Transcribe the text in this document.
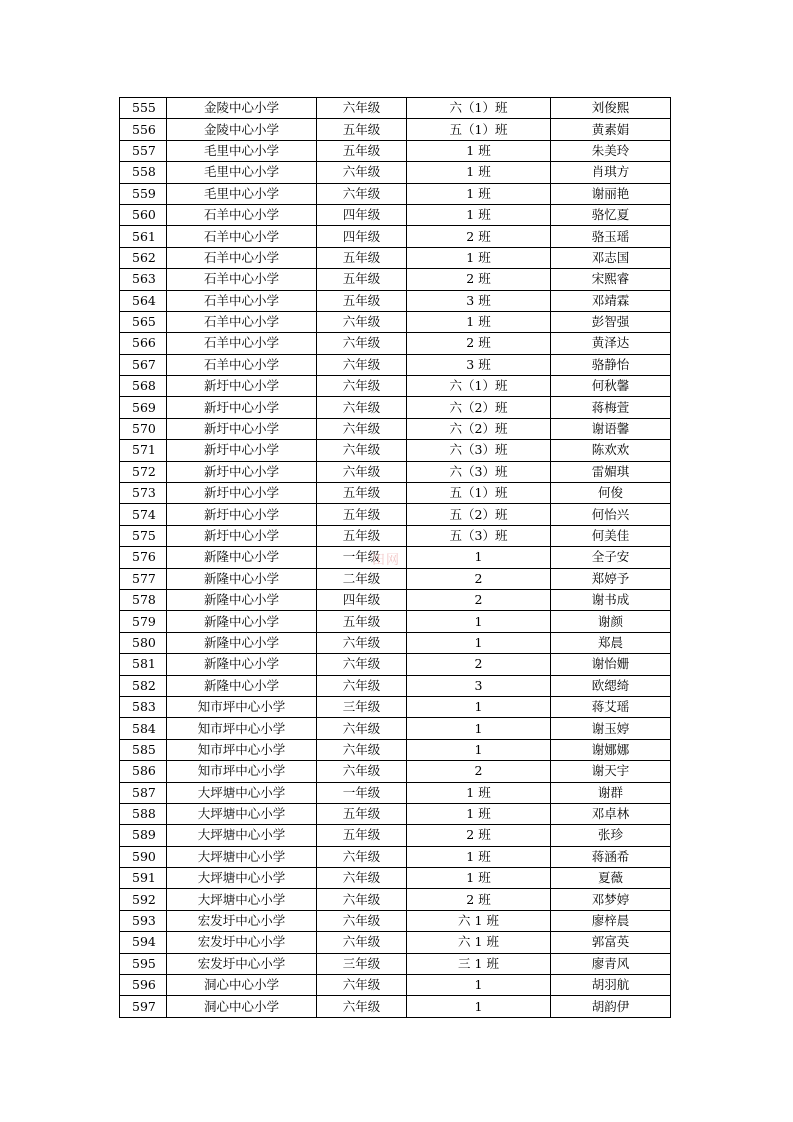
555	金陵中心小学	六年级	六（1）班	刘俊熙
556	金陵中心小学	五年级	五（1）班	黄素娟
557	毛里中心小学	五年级	1 班	朱美玲
558	毛里中心小学	六年级	1 班	肖琪方
559	毛里中心小学	六年级	1 班	谢丽艳
560	石羊中心小学	四年级	1 班	骆忆夏
561	石羊中心小学	四年级	2 班	骆玉瑶
562	石羊中心小学	五年级	1 班	邓志国
563	石羊中心小学	五年级	2 班	宋熙睿
564	石羊中心小学	五年级	3 班	邓靖霖
565	石羊中心小学	六年级	1 班	彭智强
566	石羊中心小学	六年级	2 班	黄泽达
567	石羊中心小学	六年级	3 班	骆静怡
568	新圩中心小学	六年级	六（1）班	何秋馨
569	新圩中心小学	六年级	六（2）班	蒋梅萱
570	新圩中心小学	六年级	六（2）班	谢语馨
571	新圩中心小学	六年级	六（3）班	陈欢欢
572	新圩中心小学	六年级	六（3）班	雷媚琪
573	新圩中心小学	五年级	五（1）班	何俊
574	新圩中心小学	五年级	五（2）班	何怡兴
575	新圩中心小学	五年级	五（3）班	何美佳
576	新隆中心小学	一年级	1	全子安
577	新隆中心小学	二年级	2	郑婷予
578	新隆中心小学	四年级	2	谢书成
579	新隆中心小学	五年级	1	谢颜
580	新隆中心小学	六年级	1	郑晨
581	新隆中心小学	六年级	2	谢怡姗
582	新隆中心小学	六年级	3	欧缌绮
583	知市坪中心小学	三年级	1	蒋艾瑶
584	知市坪中心小学	六年级	1	谢玉婷
585	知市坪中心小学	六年级	1	谢娜娜
586	知市坪中心小学	六年级	2	谢天宇
587	大坪塘中心小学	一年级	1 班	谢群
588	大坪塘中心小学	五年级	1 班	邓卓林
589	大坪塘中心小学	五年级	2 班	张珍
590	大坪塘中心小学	六年级	1 班	蒋涵希
591	大坪塘中心小学	六年级	1 班	夏薇
592	大坪塘中心小学	六年级	2 班	邓梦婷
593	宏发圩中心小学	六年级	六 1 班	廖梓晨
594	宏发圩中心小学	六年级	六 1 班	郭富英
595	宏发圩中心小学	三年级	三 1 班	廖青风
596	洞心中心小学	六年级	1	胡羽航
597	洞心中心小学	六年级	1	胡韵伊
田网
